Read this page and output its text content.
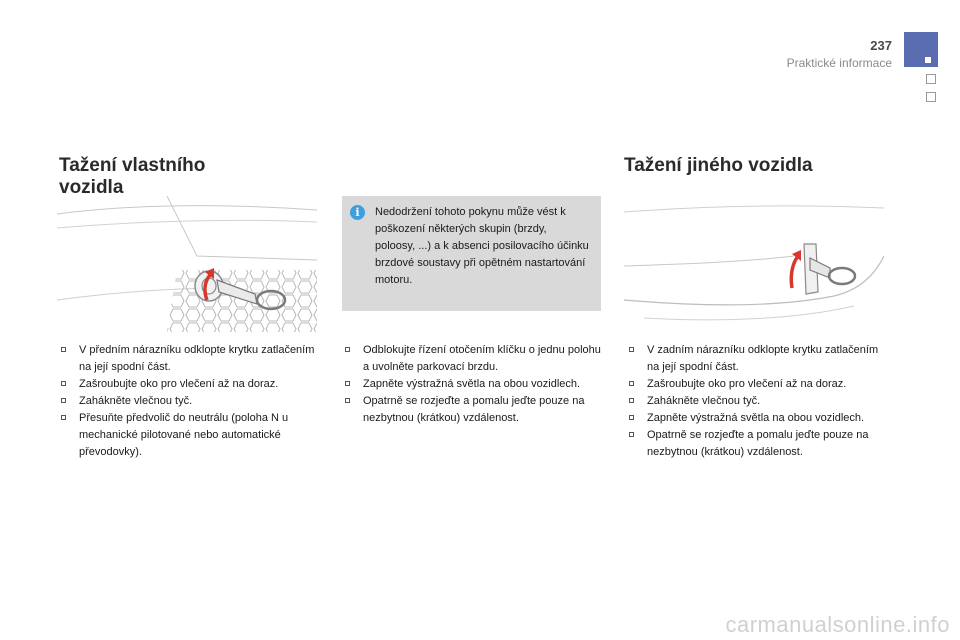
237
Praktické informace
Tažení vlastního vozidla
V předním nárazníku odklopte krytku zatlačením na její spodní část.
Zašroubujte oko pro vlečení až na doraz.
Zahákněte vlečnou tyč.
Přesuňte předvolič do neutrálu (poloha N u mechanické pilotované nebo automatické převodovky).
i	Nedodržení tohoto pokynu může vést k poškození některých skupin (brzdy, poloosy, ...) a k absenci posilovacího účinku brzdové soustavy při opětném nastartování motoru.
Odblokujte řízení otočením klíčku o jednu polohu a uvolněte parkovací brzdu.
Zapněte výstražná světla na obou vozidlech.
Opatrně se rozjeďte a pomalu jeďte pouze na nezbytnou (krátkou) vzdálenost.
Tažení jiného vozidla
V zadním nárazníku odklopte krytku zatlačením na její spodní část.
Zašroubujte oko pro vlečení až na doraz.
Zahákněte vlečnou tyč.
Zapněte výstražná světla na obou vozidlech.
Opatrně se rozjeďte a pomalu jeďte pouze na nezbytnou (krátkou) vzdálenost.
carmanualsonline.info
